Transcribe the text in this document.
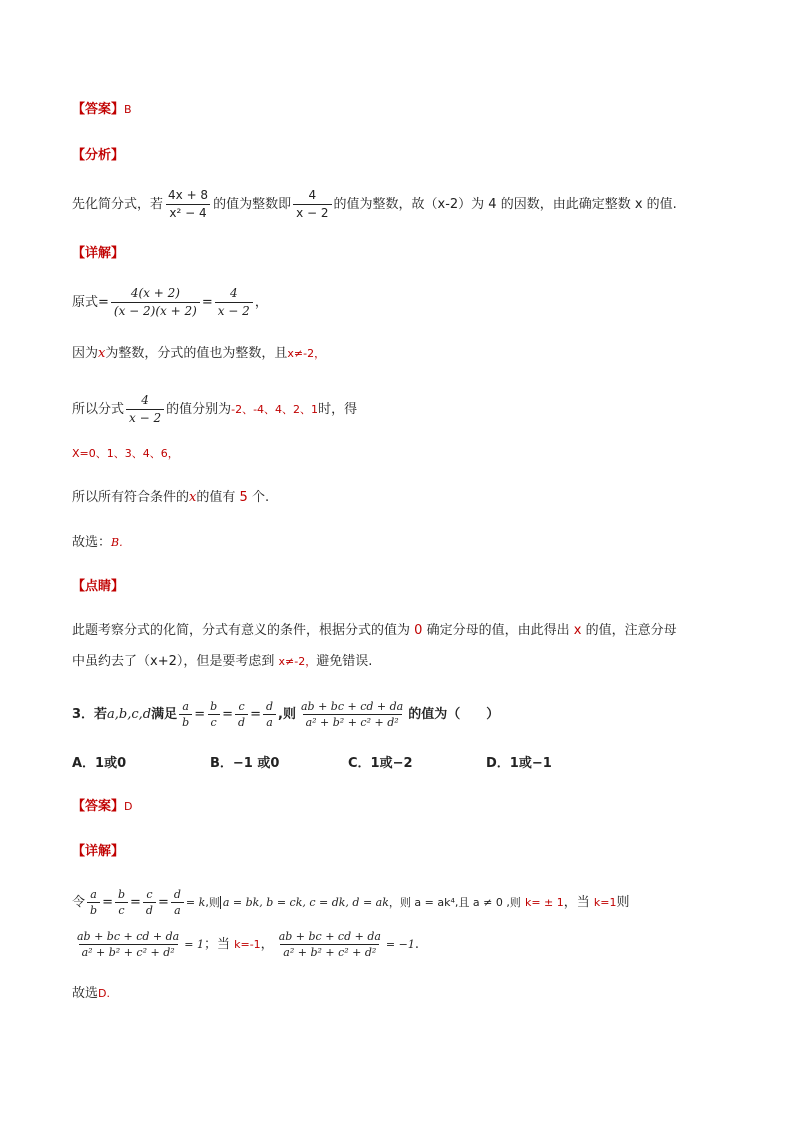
【答案】B
【分析】
先化简分式，若 $\frac{4x + 8}{\text{x² − 4}}$ 的值为整数即 $\frac{4}{x - 2}$ 的值为整数，故（x-2）为 4 的因数，由此确定整数 x 的值.
【详解】
原式= $\frac{4(x + 2)}{(x - 2)(x + 2)} = \frac{4}{x - 2}$ ，
因为x为整数，分式的值也为整数，且x≠-2，
所以分式 $\frac{4}{x - 2}$ 的值分别为-2、-4、4、2、1时，得
X=0、1、3、4、6，
所以所有符合条件的x的值有 5 个.
故选：B.
【点睛】
此题考察分式的化简，分式有意义的条件，根据分式的值为 0 确定分母的值，由此得出 x 的值，注意分母
中虽约去了（x+2），但是要考虑到 x≠-2，避免错误.
3．若a,b,c,d满足 $\frac{a}{b} = \frac{b}{c} = \frac{c}{d} = \frac{d}{a}$ ,则 $\frac{ab + bc + cd + da}{\text{a² + b² + c² + d²}}$ 的值为（　　）
A．1或0	B．−1 或0	C．1或−2	D．1或−1
【答案】D
【详解】
令 $\frac{a}{b} = \frac{b}{c} = \frac{c}{d} = \frac{d}{a} = k$,则 a = bk, b = ck, c = dk, d = ak，则 a = ak⁴,且 a ≠ 0 ,则 k= ± 1，当 k=1则
$\frac{ab + bc + cd + da}{\text{a² + b² + c² + d²}} = 1$；当 k=-1， $\frac{ab + bc + cd + da}{\text{a² + b² + c² + d²}} = -1$.
故选D.
